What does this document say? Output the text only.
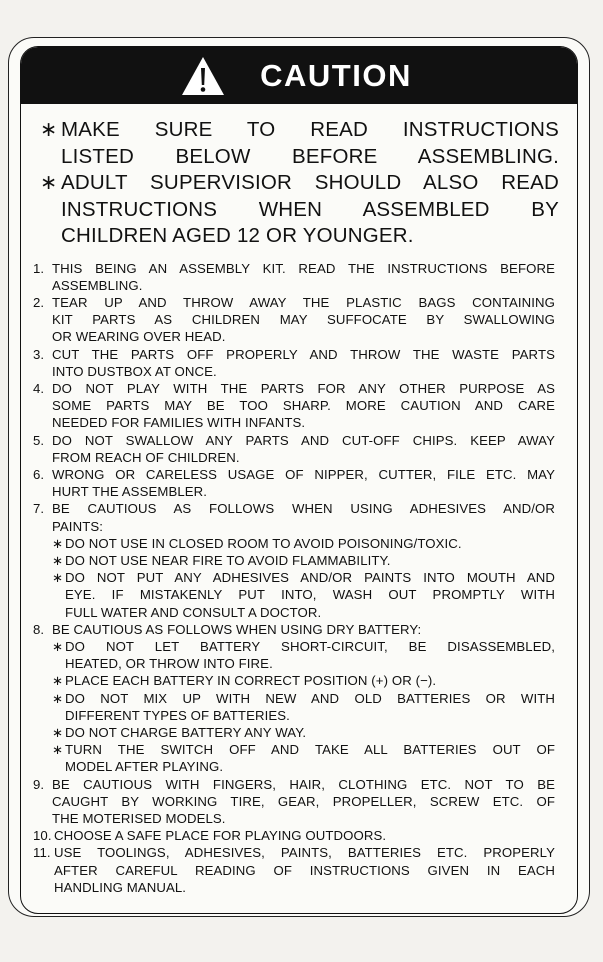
CAUTION
∗ MAKE SURE TO READ INSTRUCTIONS
LISTED BELOW BEFORE ASSEMBLING.
∗ ADULT SUPERVISIOR SHOULD ALSO READ
INSTRUCTIONS WHEN ASSEMBLED BY
CHILDREN AGED 12 OR YOUNGER.
1. THIS BEING AN ASSEMBLY KIT. READ THE INSTRUCTIONS BEFORE
ASSEMBLING.
2. TEAR UP AND THROW AWAY THE PLASTIC BAGS CONTAINING
KIT PARTS AS CHILDREN MAY SUFFOCATE BY SWALLOWING
OR WEARING OVER HEAD.
3. CUT THE PARTS OFF PROPERLY AND THROW THE WASTE PARTS
INTO DUSTBOX AT ONCE.
4. DO NOT PLAY WITH THE PARTS FOR ANY OTHER PURPOSE AS
SOME PARTS MAY BE TOO SHARP. MORE CAUTION AND CARE
NEEDED FOR FAMILIES WITH INFANTS.
5. DO NOT SWALLOW ANY PARTS AND CUT-OFF CHIPS. KEEP AWAY
FROM REACH OF CHILDREN.
6. WRONG OR CARELESS USAGE OF NIPPER, CUTTER, FILE ETC. MAY
HURT THE ASSEMBLER.
7. BE CAUTIOUS AS FOLLOWS WHEN USING ADHESIVES AND/OR
PAINTS:
∗ DO NOT USE IN CLOSED ROOM TO AVOID POISONING/TOXIC.
∗ DO NOT USE NEAR FIRE TO AVOID FLAMMABILITY.
∗ DO NOT PUT ANY ADHESIVES AND/OR PAINTS INTO MOUTH AND
EYE. IF MISTAKENLY PUT INTO, WASH OUT PROMPTLY WITH
FULL WATER AND CONSULT A DOCTOR.
8. BE CAUTIOUS AS FOLLOWS WHEN USING DRY BATTERY:
∗ DO NOT LET BATTERY SHORT-CIRCUIT, BE DISASSEMBLED,
HEATED, OR THROW INTO FIRE.
∗ PLACE EACH BATTERY IN CORRECT POSITION (+) OR (−).
∗ DO NOT MIX UP WITH NEW AND OLD BATTERIES OR WITH
DIFFERENT TYPES OF BATTERIES.
∗ DO NOT CHARGE BATTERY ANY WAY.
∗ TURN THE SWITCH OFF AND TAKE ALL BATTERIES OUT OF
MODEL AFTER PLAYING.
9. BE CAUTIOUS WITH FINGERS, HAIR, CLOTHING ETC. NOT TO BE
CAUGHT BY WORKING TIRE, GEAR, PROPELLER, SCREW ETC. OF
THE MOTERISED MODELS.
10. CHOOSE A SAFE PLACE FOR PLAYING OUTDOORS.
11. USE TOOLINGS, ADHESIVES, PAINTS, BATTERIES ETC. PROPERLY
AFTER CAREFUL READING OF INSTRUCTIONS GIVEN IN EACH
HANDLING MANUAL.
